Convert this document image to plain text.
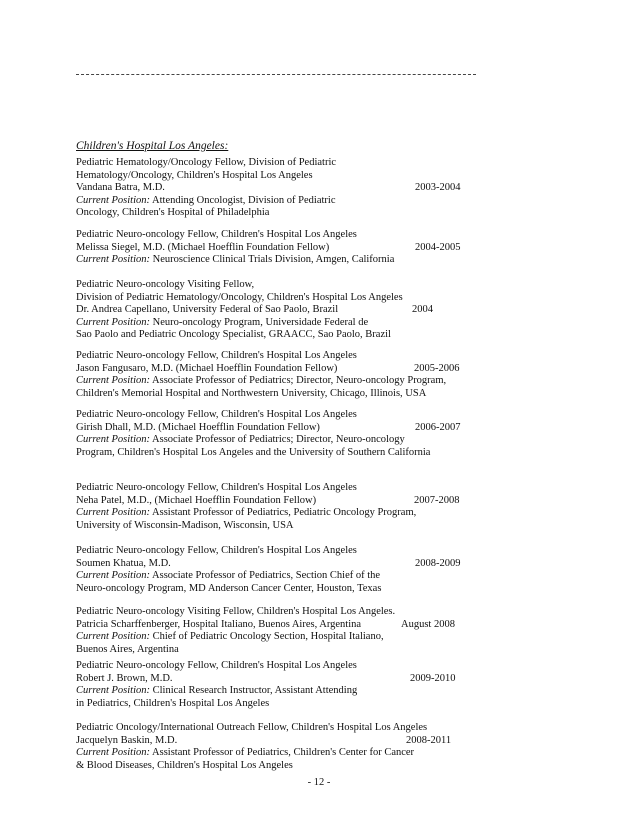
Children's Hospital Los Angeles:
Pediatric Hematology/Oncology Fellow, Division of Pediatric
Hematology/Oncology, Children's Hospital Los Angeles
Vandana Batra, M.D.	2003-2004
Current Position: Attending Oncologist, Division of Pediatric
Oncology, Children's Hospital of Philadelphia
Pediatric Neuro-oncology Fellow, Children's Hospital Los Angeles
Melissa Siegel, M.D. (Michael Hoefflin Foundation Fellow)	2004-2005
Current Position: Neuroscience Clinical Trials Division, Amgen, California
Pediatric Neuro-oncology Visiting Fellow,
Division of Pediatric Hematology/Oncology, Children's Hospital Los Angeles
Dr. Andrea Capellano, University Federal of Sao Paolo, Brazil	2004
Current Position: Neuro-oncology Program, Universidade Federal de
Sao Paolo and Pediatric Oncology Specialist, GRAACC, Sao Paolo, Brazil
Pediatric Neuro-oncology Fellow, Children's Hospital Los Angeles
Jason Fangusaro, M.D. (Michael Hoefflin Foundation Fellow)	2005-2006
Current Position: Associate Professor of Pediatrics; Director, Neuro-oncology Program,
Children's Memorial Hospital and Northwestern University, Chicago, Illinois, USA
Pediatric Neuro-oncology Fellow, Children's Hospital Los Angeles
Girish Dhall, M.D. (Michael Hoefflin Foundation Fellow)	2006-2007
Current Position: Associate Professor of Pediatrics; Director, Neuro-oncology
Program, Children's Hospital Los Angeles and the University of Southern California
Pediatric Neuro-oncology Fellow, Children's Hospital Los Angeles
Neha Patel, M.D., (Michael Hoefflin Foundation Fellow)	2007-2008
Current Position: Assistant Professor of Pediatrics, Pediatric Oncology Program,
University of Wisconsin-Madison, Wisconsin, USA
Pediatric Neuro-oncology Fellow, Children's Hospital Los Angeles
Soumen Khatua, M.D.	2008-2009
Current Position: Associate Professor of Pediatrics, Section Chief of the
Neuro-oncology Program, MD Anderson Cancer Center, Houston, Texas
Pediatric Neuro-oncology Visiting Fellow, Children's Hospital Los Angeles.
Patricia Scharffenberger, Hospital Italiano, Buenos Aires, Argentina	August 2008
Current Position: Chief of Pediatric Oncology Section, Hospital Italiano,
Buenos Aires, Argentina
Pediatric Neuro-oncology Fellow, Children's Hospital Los Angeles
Robert J. Brown, M.D.	2009-2010
Current Position: Clinical Research Instructor, Assistant Attending
in Pediatrics, Children's Hospital Los Angeles
Pediatric Oncology/International Outreach Fellow, Children's Hospital Los Angeles
Jacquelyn Baskin, M.D.	2008-2011
Current Position: Assistant Professor of Pediatrics, Children's Center for Cancer
& Blood Diseases, Children's Hospital Los Angeles
- 12 -
